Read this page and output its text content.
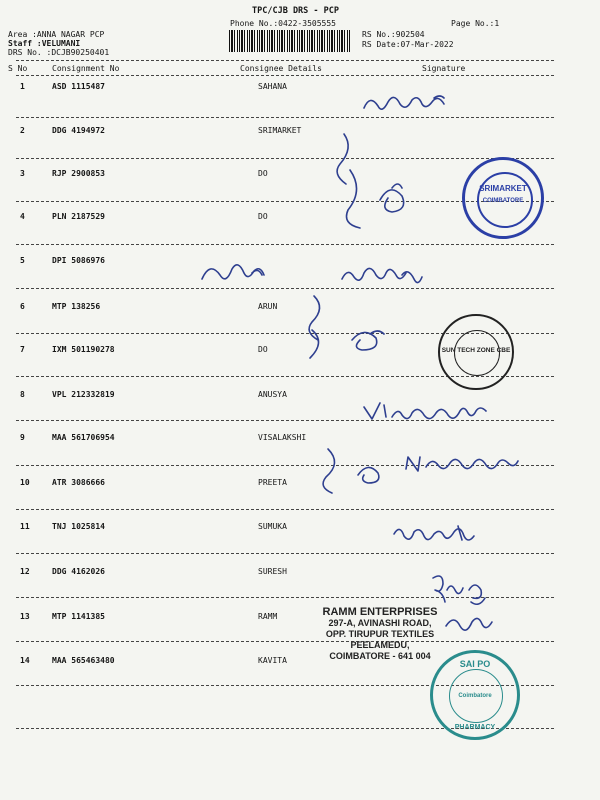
TPC/CJB DRS - PCP
Phone No.:0422-3505555
RS No.:902504
Page No.:1
RS Date:07-Mar-2022
Area :ANNA NAGAR PCP
Staff :VELUMANI
DRS No. :DCJB90250401
S No	Consignment No	Consignee Details	Signature
1	ASD 1115487	SAHANA
2	DDG 4194972	SRIMARKET
3	RJP 2900853	DO
4	PLN 2187529	DO
5	DPI 5086976
6	MTP 138256	ARUN
7	IXM 501190278	DO
8	VPL 212332819	ANUSYA
9	MAA 561706954	VISALAKSHI
10	ATR 3086666	PREETA
11	TNJ 1025814	SUMUKA
12	DDG 4162026	SURESH
13	MTP 1141385	RAMM
14	MAA 565463480	KAVITA
SRIMARKET
COIMBATORE
SUN TECH ZONE CBE
RAMM ENTERPRISES
297-A, AVINASHI ROAD,
OPP. TIRUPUR TEXTILES
PEELAMEDU,
COIMBATORE - 641 004
SAI PO
Coimbatore
PHARMACY
